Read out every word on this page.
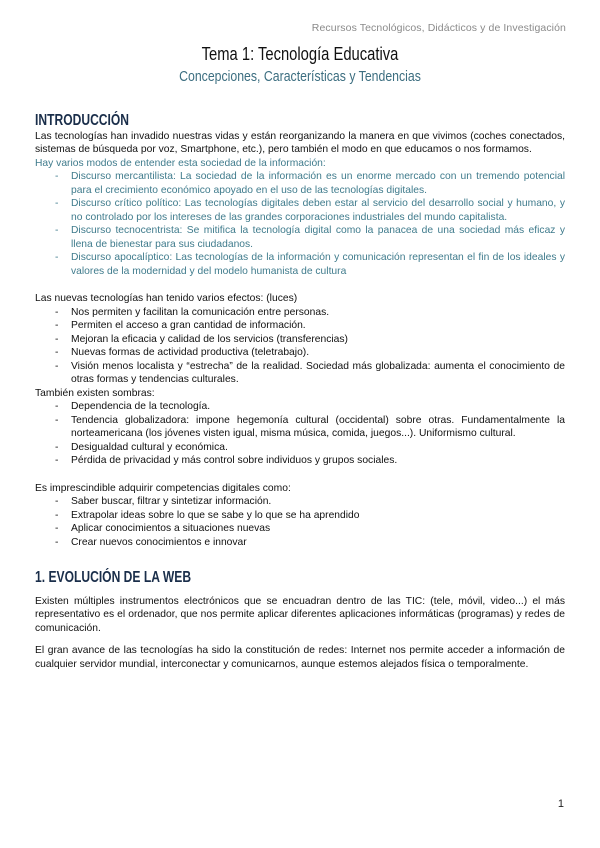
Recursos Tecnológicos, Didácticos y de Investigación
Tema 1: Tecnología Educativa
Concepciones, Características y Tendencias
INTRODUCCIÓN

Las tecnologías han invadido nuestras vidas y están reorganizando la manera en que vivimos (coches conectados, sistemas de búsqueda por voz, Smartphone, etc.), pero también el modo en que educamos o nos formamos.

Hay varios modos de entender esta sociedad de la información:

- Discurso mercantilista: La sociedad de la información es un enorme mercado con un tremendo potencial para el crecimiento económico apoyado en el uso de las tecnologías digitales.
- Discurso crítico político: Las tecnologías digitales deben estar al servicio del desarrollo social y humano, y no controlado por los intereses de las grandes corporaciones industriales del mundo capitalista.
- Discurso tecnocentrista: Se mitifica la tecnología digital como la panacea de una sociedad más eficaz y llena de bienestar para sus ciudadanos.
- Discurso apocalíptico: Las tecnologías de la información y comunicación representan el fin de los ideales y valores de la modernidad y del modelo humanista de cultura

Las nuevas tecnologías han tenido varios efectos: (luces)

- Nos permiten y facilitan la comunicación entre personas.
- Permiten el acceso a gran cantidad de información.
- Mejoran la eficacia y calidad de los servicios (transferencias)
- Nuevas formas de actividad productiva (teletrabajo).
- Visión menos localista y “estrecha” de la realidad. Sociedad más globalizada: aumenta el conocimiento de otras formas y tendencias culturales.

También existen sombras:

- Dependencia de la tecnología.
- Tendencia globalizadora: impone hegemonía cultural (occidental) sobre otras. Fundamentalmente la norteamericana (los jóvenes visten igual, misma música, comida, juegos...). Uniformismo cultural.
- Desigualdad cultural y económica.
- Pérdida de privacidad y más control sobre individuos y grupos sociales.

Es imprescindible adquirir competencias digitales como:

- Saber buscar, filtrar y sintetizar información.
- Extrapolar ideas sobre lo que se sabe y lo que se ha aprendido
- Aplicar conocimientos a situaciones nuevas
- Crear nuevos conocimientos e innovar
1. EVOLUCIÓN DE LA WEB

Existen múltiples instrumentos electrónicos que se encuadran dentro de las TIC: (tele, móvil, video...) el más representativo es el ordenador, que nos permite aplicar diferentes aplicaciones informáticas (programas) y redes de comunicación.

El gran avance de las tecnologías ha sido la constitución de redes: Internet nos permite acceder a información de cualquier servidor mundial, interconectar y comunicarnos, aunque estemos alejados física o temporalmente.

1
